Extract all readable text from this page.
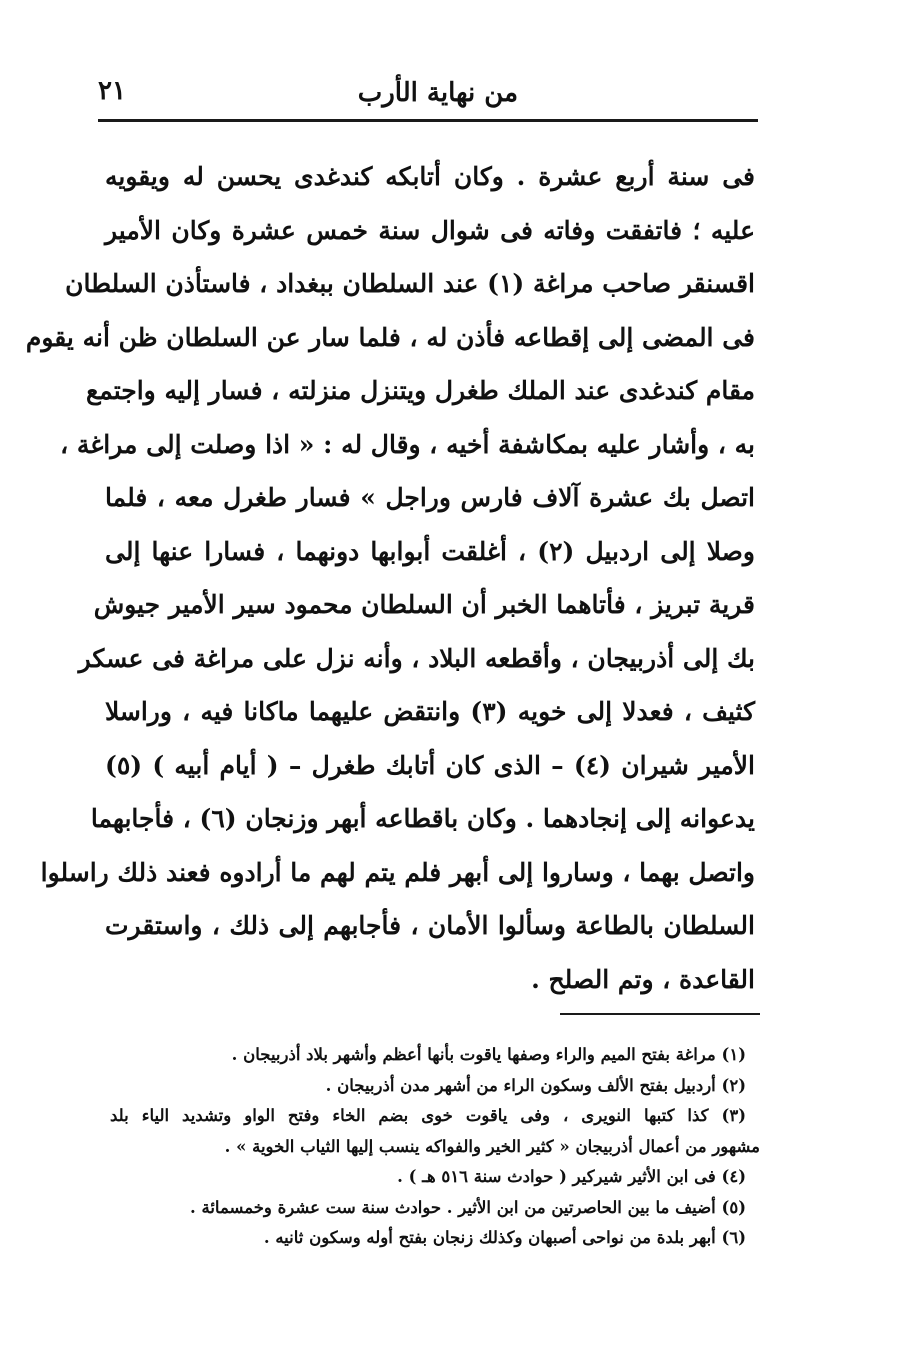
من نهاية الأرب
٢١
فى سنة أربع عشرة . وكان أتابكه كندغدى يحسن له ويقويه
عليه ؛ فاتفقت وفاته فى شوال سنة خمس عشرة وكان الأمير
اقسنقر صاحب مراغة (١) عند السلطان ببغداد ، فاستأذن السلطان
فى المضى إلى إقطاعه فأذن له ، فلما سار عن السلطان ظن أنه يقوم
مقام كندغدى عند الملك طغرل ويتنزل منزلته ، فسار إليه واجتمع
به ، وأشار عليه بمكاشفة أخيه ، وقال له : « اذا وصلت إلى مراغة ،
اتصل بك عشرة آلاف فارس وراجل » فسار طغرل معه ، فلما
وصلا إلى اردبيل (٢) ، أغلقت أبوابها دونهما ، فسارا عنها إلى
قرية تبريز ، فأتاهما الخبر أن السلطان محمود سير الأمير جيوش
بك إلى أذربيجان ، وأقطعه البلاد ، وأنه نزل على مراغة فى عسكر
كثيف ، فعدلا إلى خويه (٣) وانتقض عليهما ماكانا فيه ، وراسلا
الأمير شيران (٤) – الذى كان أتابك طغرل – ( أيام أبيه ) (٥)
يدعوانه إلى إنجادهما . وكان باقطاعه أبهر وزنجان (٦) ، فأجابهما
واتصل بهما ، وساروا إلى أبهر فلم يتم لهم ما أرادوه فعند ذلك راسلوا
السلطان بالطاعة وسألوا الأمان ، فأجابهم إلى ذلك ، واستقرت
القاعدة ، وتم الصلح .
(١) مراغة بفتح الميم والراء وصفها ياقوت بأنها أعظم وأشهر بلاد أذربيجان .
(٢) أردبيل بفتح الألف وسكون الراء من أشهر مدن أذربيجان .
(٣) كذا كتبها النويرى ، وفى ياقوت خوى بضم الخاء وفتح الواو وتشديد الياء بلد
مشهور من أعمال أذربيجان « كثير الخير والفواكه ينسب إليها الثياب الخوية » .
(٤) فى ابن الأثير شيركير ( حوادث سنة ٥١٦ هـ ) .
(٥) أضيف ما بين الحاصرتين من ابن الأثير . حوادث سنة ست عشرة وخمسمائة .
(٦) أبهر بلدة من نواحى أصبهان وكذلك زنجان بفتح أوله وسكون ثانيه .
